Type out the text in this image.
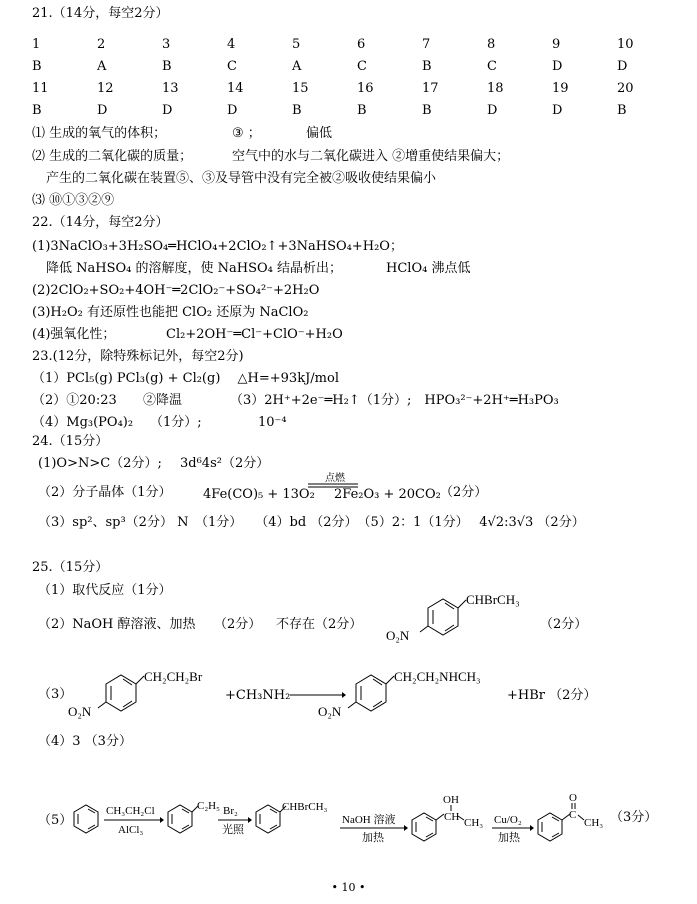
21.（14分，每空2分）
1	2	3	4	5	6	7	8	9	10
B	A	B	C	A	C	B	C	D	D
11	12	13	14	15	16	17	18	19	20
B	D	D	D	B	B	B	D	D	B
⑴ 生成的氧气的体积；	③ ；	偏低
⑵ 生成的二氧化碳的质量；	空气中的水与二氧化碳进入 ②增重使结果偏大；
产生的二氧化碳在装置⑤、③及导管中没有完全被②吸收使结果偏小
⑶ ⑩①③②⑨
22.（14分，每空2分）
(1)3NaClO₃+3H₂SO₄═HClO₄+2ClO₂↑+3NaHSO₄+H₂O；
降低 NaHSO₄ 的溶解度，使 NaHSO₄ 结晶析出；	HClO₄ 沸点低
(2)2ClO₂+SO₂+4OH⁻═2ClO₂⁻+SO₄²⁻+2H₂O
(3)H₂O₂ 有还原性也能把 ClO₂ 还原为 NaClO₂
(4)强氧化性；	Cl₂+2OH⁻═Cl⁻+ClO⁻+H₂O
23.(12分，除特殊标记外，每空2分)
（1）PCl₅(g) PCl₃(g) + Cl₂(g)　 △H=+93kJ/mol
（2）①20:23 ②降温	（3）2H⁺+2e⁻═H₂↑（1分）;　HPO₃²⁻+2H⁺═H₃PO₃
（4）Mg₃(PO₄)₂ （1分）;	10⁻⁴
24.（15分）
(1)O>N>C（2分）; 3d⁶4s²（2分）
（2）分子晶体（1分） 4Fe(CO)₅ + 13O₂
点燃
2Fe₂O₃ + 20CO₂ （2分）
（3）sp²、sp³（2分） N　（1分）　　（4）bd （2分）　（5）2：1（1分）　 4√2:3√3 （2分）
25.（15分）
（1）取代反应（1分）
（2）NaOH 醇溶液、加热 （2分） 不存在（2分）
CHBrCH₃
O₂N
（2分）
（3）
CH₂CH₂Br
O₂N
+CH₃NH₂
CH₂CH₂NHCH₃
O₂N
+HBr （2分）
（4）3 （3分）
（5）
CH₃CH₂Cl
AlCl₃
C₂H₅ Br₂
光照
CHBrCH₃
NaOH 溶液
加热
OH
CH CH₃ Cu/O₂
加热
O
C
CH₃ （3分）
• 10 •
